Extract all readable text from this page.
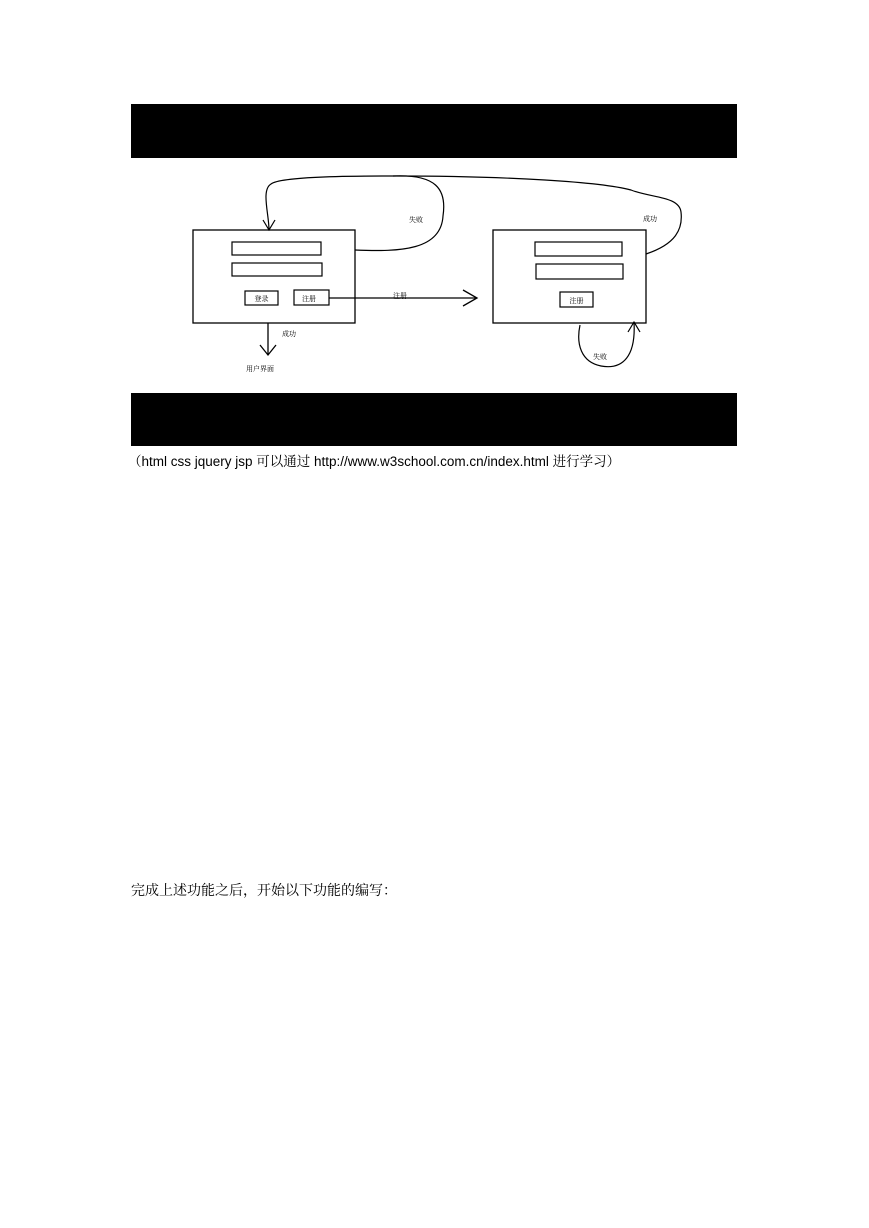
登录	注册	注册
注册
成功
用户界面
失败	成功
失败
（html css jquery jsp 可以通过 http://www.w3school.com.cn/index.html 进行学习）
完成上述功能之后，开始以下功能的编写：
